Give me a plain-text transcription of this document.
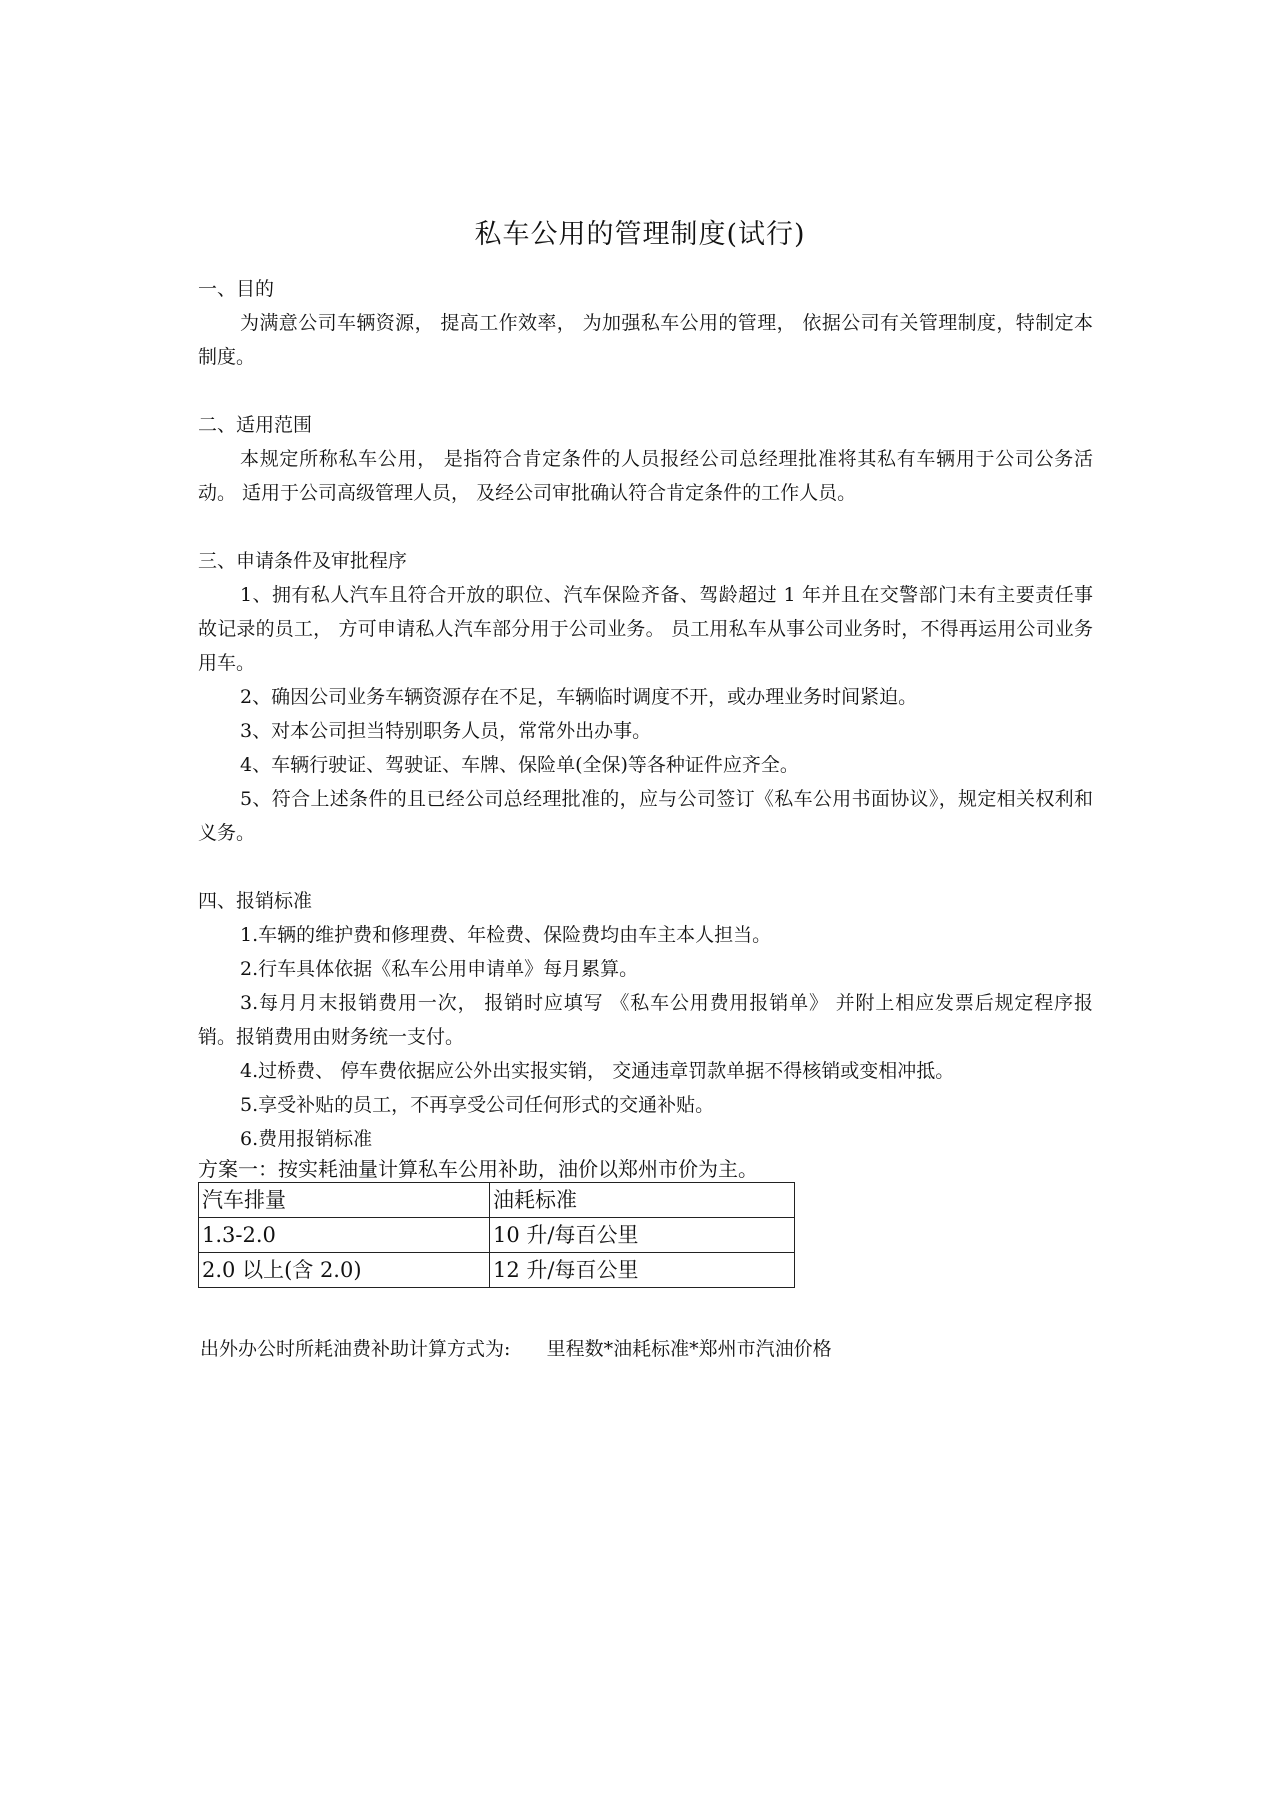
私车公用的管理制度(试行)

一、目的

为满意公司车辆资源， 提高工作效率， 为加强私车公用的管理， 依据公司有关管理制度，特制定本制度。

二、适用范围

本规定所称私车公用， 是指符合肯定条件的人员报经公司总经理批准将其私有车辆用于公司公务活动。 适用于公司高级管理人员， 及经公司审批确认符合肯定条件的工作人员。

三、申请条件及审批程序

1、拥有私人汽车且符合开放的职位、汽车保险齐备、驾龄超过 1 年并且在交警部门未有主要责任事故记录的员工， 方可申请私人汽车部分用于公司业务。 员工用私车从事公司业务时，不得再运用公司业务用车。

2、确因公司业务车辆资源存在不足，车辆临时调度不开，或办理业务时间紧迫。

3、对本公司担当特别职务人员，常常外出办事。

4、车辆行驶证、驾驶证、车牌、保险单(全保)等各种证件应齐全。

5、符合上述条件的且已经公司总经理批准的，应与公司签订《私车公用书面协议》，规定相关权利和义务。

四、报销标准

1.车辆的维护费和修理费、年检费、保险费均由车主本人担当。

2.行车具体依据《私车公用申请单》每月累算。

3.每月月末报销费用一次， 报销时应填写 《私车公用费用报销单》 并附上相应发票后规定程序报销。报销费用由财务统一支付。

4.过桥费、 停车费依据应公外出实报实销， 交通违章罚款单据不得核销或变相冲抵。

5.享受补贴的员工，不再享受公司任何形式的交通补贴。

6.费用报销标准

方案一：按实耗油量计算私车公用补助，油价以郑州市价为主。

汽车排量	油耗标准
1.3-2.0	10 升/每百公里
2.0 以上(含 2.0)	12 升/每百公里
出外办公时所耗油费补助计算方式为: 里程数*油耗标准*郑州市汽油价格
